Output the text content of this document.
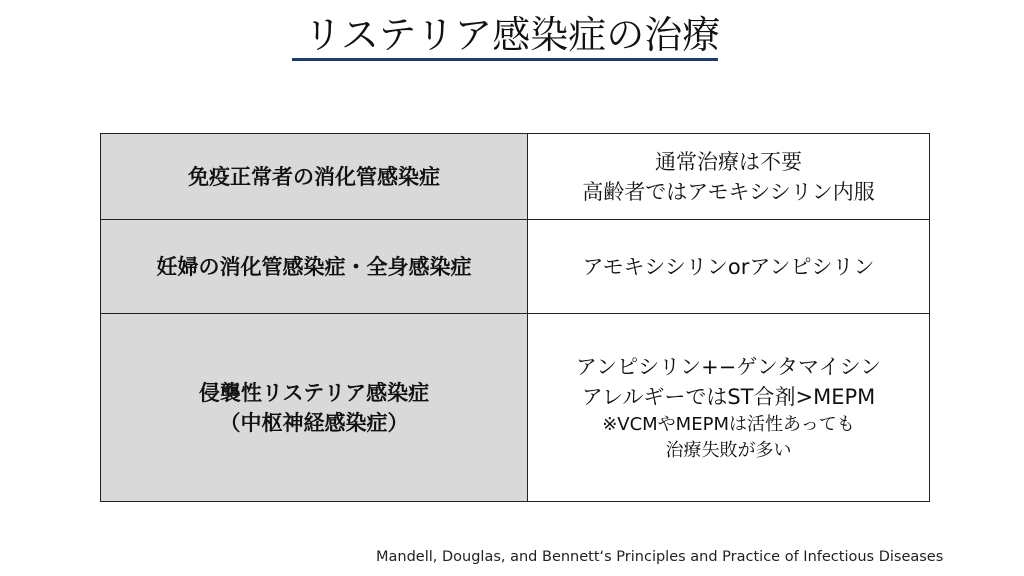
リステリア感染症の治療
免疫正常者の消化管感染症	通常治療は不要
高齢者ではアモキシシリン内服

妊婦の消化管感染症・全身感染症	アモキシシリンorアンピシリン

侵襲性リステリア感染症
（中枢神経感染症）	アンピシリン+−ゲンタマイシン
アレルギーではST合剤>MEPM
※VCMやMEPMは活性あっても
治療失敗が多い
Mandell, Douglas, and Bennett‘s Principles and Practice of Infectious Diseases
